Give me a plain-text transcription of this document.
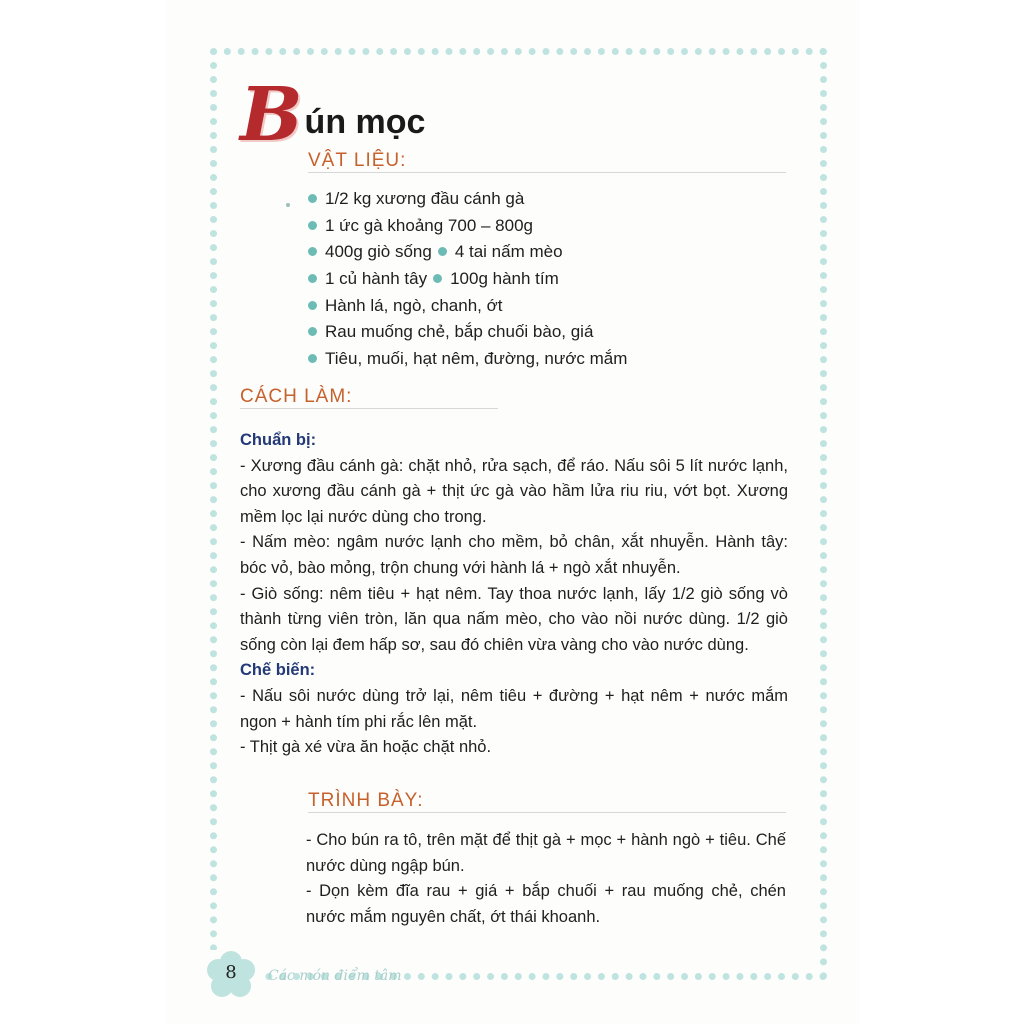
B ún mọc
VẬT LIỆU:
1/2 kg xương đầu cánh gà
1 ức gà khoảng 700 – 800g
400g giò sống 4 tai nấm mèo
1 củ hành tây 100g hành tím
Hành lá, ngò, chanh, ớt
Rau muống chẻ, bắp chuối bào, giá
Tiêu, muối, hạt nêm, đường, nước mắm
CÁCH LÀM:
Chuẩn bị:

- Xương đầu cánh gà: chặt nhỏ, rửa sạch, để ráo. Nấu sôi 5 lít nước lạnh, cho xương đầu cánh gà + thịt ức gà vào hầm lửa riu riu, vớt bọt. Xương mềm lọc lại nước dùng cho trong.

- Nấm mèo: ngâm nước lạnh cho mềm, bỏ chân, xắt nhuyễn. Hành tây: bóc vỏ, bào mỏng, trộn chung với hành lá + ngò xắt nhuyễn.

- Giò sống: nêm tiêu + hạt nêm. Tay thoa nước lạnh, lấy 1/2 giò sống vò thành từng viên tròn, lăn qua nấm mèo, cho vào nồi nước dùng. 1/2 giò sống còn lại đem hấp sơ, sau đó chiên vừa vàng cho vào nước dùng.

Chế biến:

- Nấu sôi nước dùng trở lại, nêm tiêu + đường + hạt nêm + nước mắm ngon + hành tím phi rắc lên mặt.

- Thịt gà xé vừa ăn hoặc chặt nhỏ.

TRÌNH BÀY:

- Cho bún ra tô, trên mặt để thịt gà + mọc + hành ngò + tiêu. Chế nước dùng ngập bún.

- Dọn kèm đĩa rau + giá + bắp chuối + rau muống chẻ, chén nước mắm nguyên chất, ớt thái khoanh.

8	Các món điểm tâm
